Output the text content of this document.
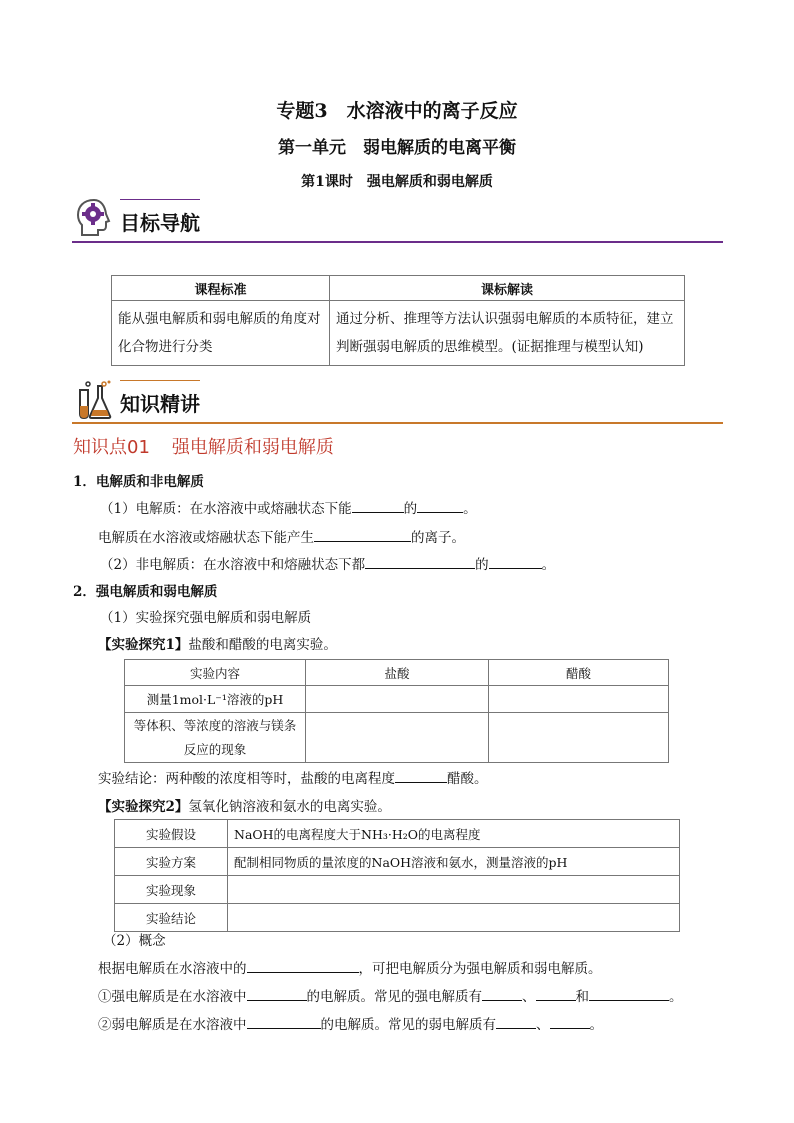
专题3　水溶液中的离子反应
第一单元　弱电解质的电离平衡
第1课时　强电解质和弱电解质
目标导航
课程标准	课标解读
能从强电解质和弱电解质的角度对化合物进行分类	通过分析、推理等方法认识强弱电解质的本质特征，建立判断强弱电解质的思维模型。(证据推理与模型认知)
知识精讲
知识点01 强电解质和弱电解质
1．电解质和非电解质
（1）电解质：在水溶液中或熔融状态下能	的	。
电解质在水溶液或熔融状态下能产生	的离子。
（2）非电解质：在水溶液中和熔融状态下都	的	。
2．强电解质和弱电解质
（1）实验探究强电解质和弱电解质
【实验探究1】盐酸和醋酸的电离实验。
实验内容	盐酸	醋酸
测量1mol·L⁻¹溶液的pH		
等体积、等浓度的溶液与镁条反应的现象		
实验结论：两种酸的浓度相等时，盐酸的电离程度	醋酸。
【实验探究2】氢氧化钠溶液和氨水的电离实验。
实验假设	NaOH的电离程度大于NH₃·H₂O的电离程度
实验方案	配制相同物质的量浓度的NaOH溶液和氨水，测量溶液的pH
实验现象	
实验结论	
（2）概念
根据电解质在水溶液中的	，可把电解质分为强电解质和弱电解质。
①强电解质是在水溶液中	的电解质。常见的强电解质有	、	和	。
②弱电解质是在水溶液中	的电解质。常见的弱电解质有	、	。
